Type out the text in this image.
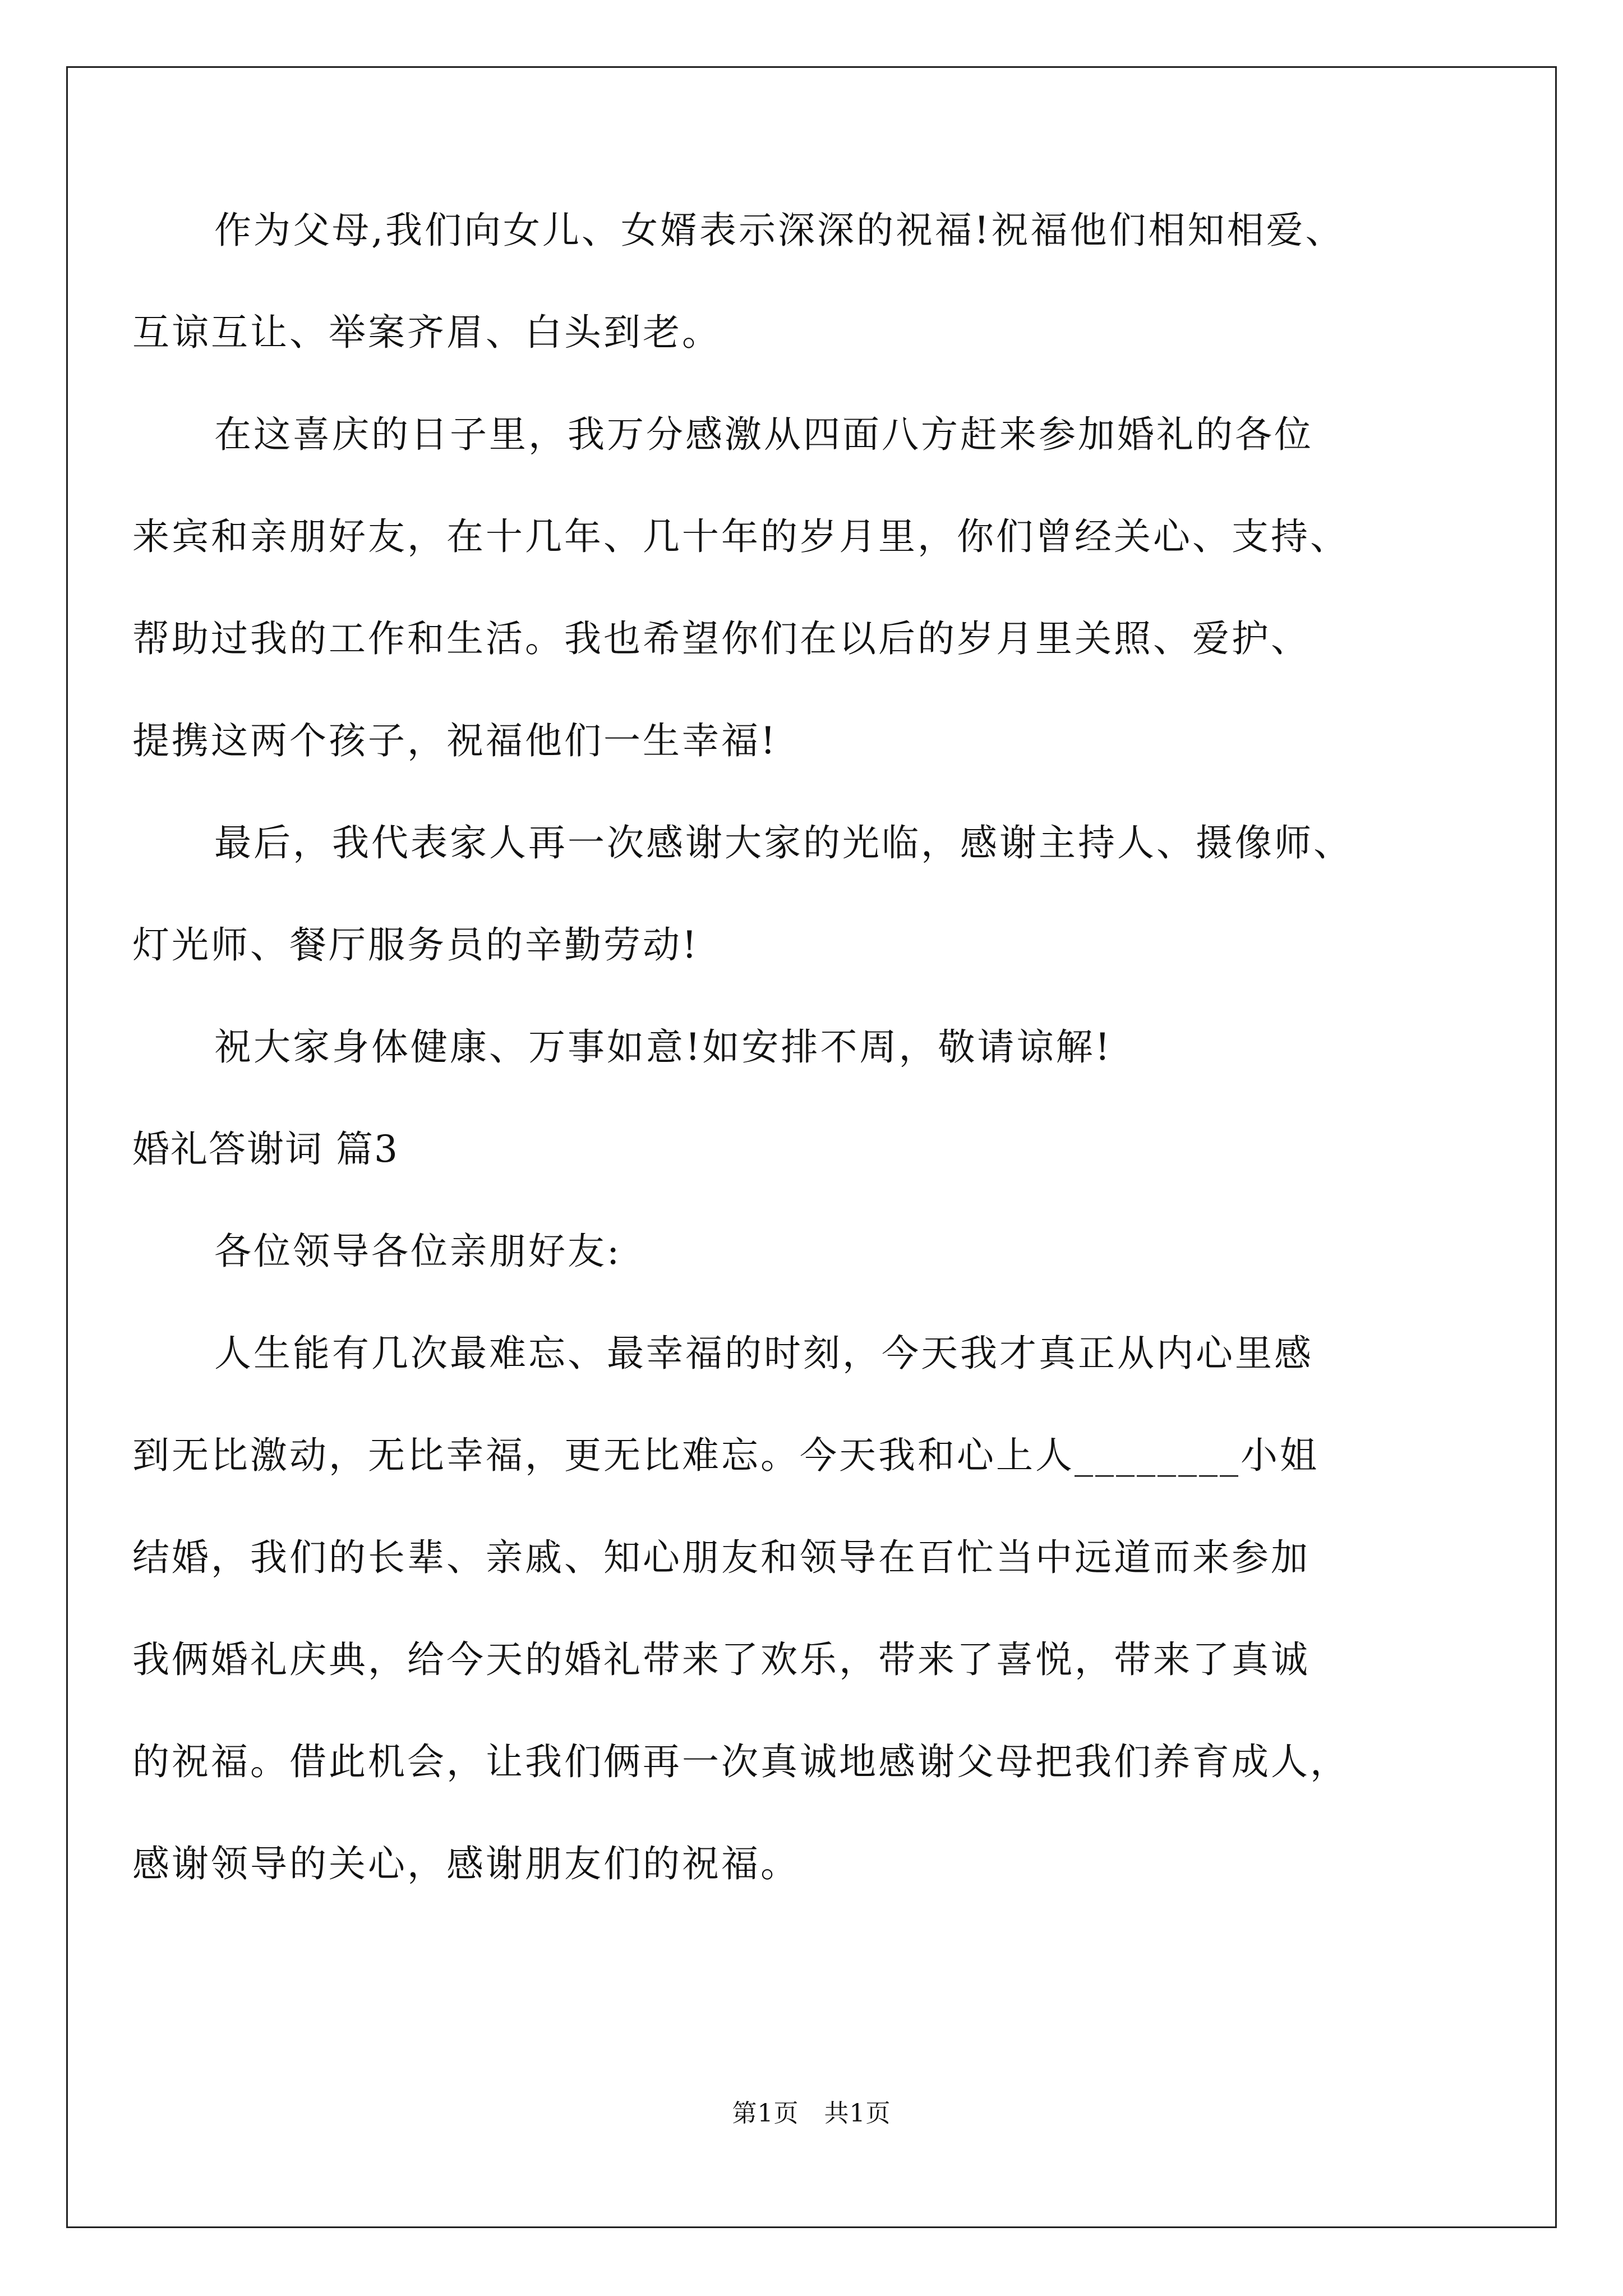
作为父母,我们向女儿、女婿表示深深的祝福!祝福他们相知相爱、
互谅互让、举案齐眉、白头到老。
在这喜庆的日子里，我万分感激从四面八方赶来参加婚礼的各位
来宾和亲朋好友，在十几年、几十年的岁月里，你们曾经关心、支持、
帮助过我的工作和生活。我也希望你们在以后的岁月里关照、爱护、
提携这两个孩子，祝福他们一生幸福!
最后，我代表家人再一次感谢大家的光临，感谢主持人、摄像师、
灯光师、餐厅服务员的辛勤劳动!
祝大家身体健康、万事如意!如安排不周，敬请谅解!
婚礼答谢词 篇3
各位领导各位亲朋好友:
人生能有几次最难忘、最幸福的时刻，今天我才真正从内心里感
到无比激动，无比幸福，更无比难忘。今天我和心上人________小姐
结婚，我们的长辈、亲戚、知心朋友和领导在百忙当中远道而来参加
我俩婚礼庆典，给今天的婚礼带来了欢乐，带来了喜悦，带来了真诚
的祝福。借此机会，让我们俩再一次真诚地感谢父母把我们养育成人，
感谢领导的关心，感谢朋友们的祝福。
第1页　共1页
